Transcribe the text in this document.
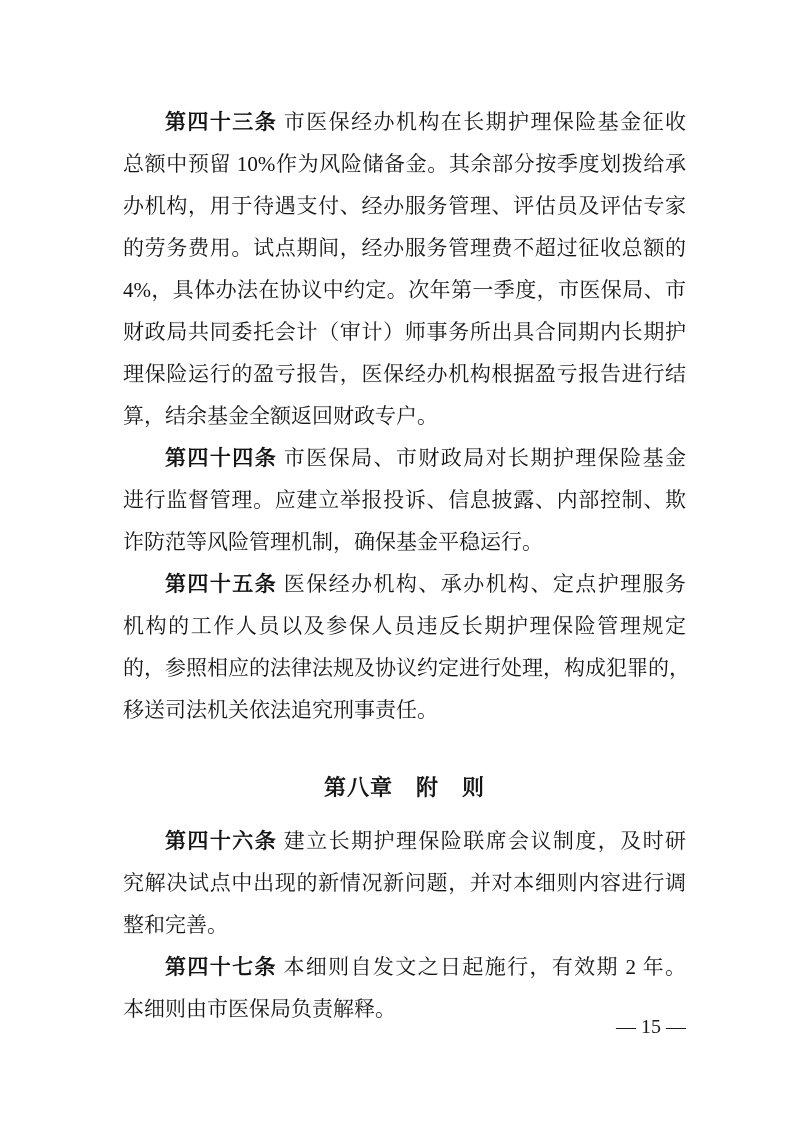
第四十三条 市医保经办机构在长期护理保险基金征收
总额中预留 10%作为风险储备金。其余部分按季度划拨给承
办机构，用于待遇支付、经办服务管理、评估员及评估专家
的劳务费用。试点期间，经办服务管理费不超过征收总额的
4%，具体办法在协议中约定。次年第一季度，市医保局、市
财政局共同委托会计（审计）师事务所出具合同期内长期护
理保险运行的盈亏报告，医保经办机构根据盈亏报告进行结
算，结余基金全额返回财政专户。
第四十四条 市医保局、市财政局对长期护理保险基金
进行监督管理。应建立举报投诉、信息披露、内部控制、欺
诈防范等风险管理机制，确保基金平稳运行。
第四十五条 医保经办机构、承办机构、定点护理服务
机构的工作人员以及参保人员违反长期护理保险管理规定
的，参照相应的法律法规及协议约定进行处理，构成犯罪的，
移送司法机关依法追究刑事责任。
第八章　附　则
第四十六条 建立长期护理保险联席会议制度，及时研
究解决试点中出现的新情况新问题，并对本细则内容进行调
整和完善。
第四十七条 本细则自发文之日起施行，有效期 2 年。
本细则由市医保局负责解释。
— 15 —
